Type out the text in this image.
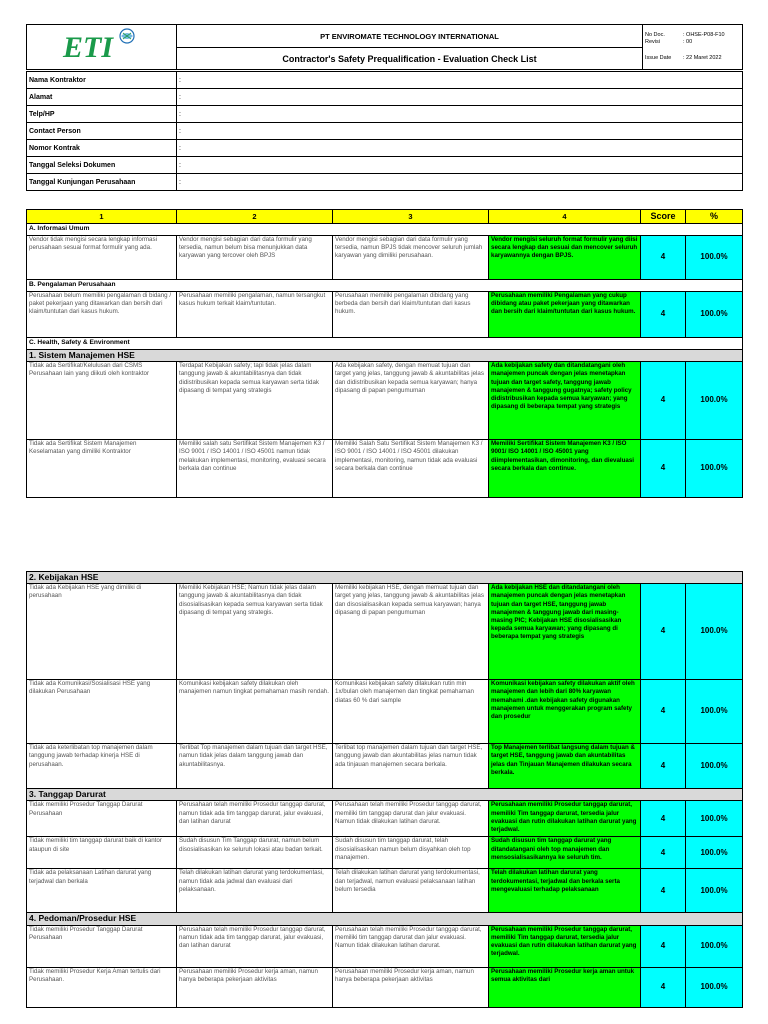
ETI	PT ENVIROMATE TECHNOLOGY INTERNATIONAL	No Doc.	: OHSE-P08-F10
Revisi	: 00
Issue Date : 22 Maret 2022

Contractor's Safety Prequalification - Evaluation Check List
Nama Kontraktor	:
Alamat	:
Telp/HP	:
Contact Person	:
Nomor Kontrak	:
Tanggal Seleksi Dokumen	:
Tanggal Kunjungan Perusahaan	:
1	2	3	4	Score	%
A. Informasi Umum					
Vendor tidak mengisi secara lengkap informasi perusahaan sesuai format formulir yang ada.	Vendor mengisi sebagian dari data formulir yang tersedia, namun belum bisa menunjukkan data karyawan yang tercover oleh BPJS	Vendor mengisi sebagian dari data formulir yang tersedia, namun BPJS tidak mencover seluruh jumlah karyawan yang dimiliki perusahaan.	Vendor mengisi seluruh format formulir yang diisi secara lengkap dan sesuai dan mencover seluruh karyawannya dengan BPJS.	4	100.0%
B. Pengalaman Perusahaan					
Perusahaan belum memiliki pengalaman di bidang / paket pekerjaan yang ditawarkan dan bersih dari klaim/tuntutan dari kasus hukum.	Perusahaan memiliki pengalaman, namun tersangkut kasus hukum terkait klaim/tuntutan.	Perusahaan memiliki pengalaman dibidang yang berbeda dan bersih dari klaim/tuntutan dari kasus hukum.	Perusahaan memiliki Pengalaman yang cukup dibidang atau paket pekerjaan yang ditawarkan dan bersih dari klaim/tuntutan dari kasus hukum.	4	100.0%
C. Health, Safety & Environment					
1. Sistem Manajemen HSE					
Tidak ada Sertifikat/Kelulusan dari CSMS Perusahaan lain yang diikuti oleh kontraktor	Terdapat Kebijakan safety; tapi tidak jelas dalam tanggung jawab & akuntabilitasnya dan tidak didistribusikan kepada semua karyawan serta tidak dipasang di tempat yang strategis	Ada kebijakan safety, dengan memuat tujuan dan target yang jelas, tanggung jawab & akuntabilitas jelas dan didistribusikan kepada semua karyawan; hanya dipasang di papan pengumuman	Ada kebijakan safety dan ditandatangani oleh manajemen puncak dengan jelas menetapkan tujuan dan target safety, tanggung jawab manajemen & tanggung gugatnya; safety policy didistribusikan kepada semua karyawan; yang dipasang di beberapa tempat yang strategis	4	100.0%
Tidak ada Sertifikat Sistem Manajemen Keselamatan yang dimiliki Kontraktor	Memiliki salah satu Sertifikat Sistem Manajemen K3 / ISO 9001 / ISO 14001 / ISO 45001 namun tidak melakukan implementasi, monitoring, evaluasi secara berkala dan continue	Memiliki Salah Satu Sertifikat Sistem Manajemen K3 / ISO 9001 / ISO 14001 / ISO 45001 dilakukan implementasi, monitoring, namun tidak ada evaluasi secara berkala dan continue	Memiliki Sertifikat Sistem Manajemen K3 / ISO 9001/ ISO 14001 / ISO 45001 yang diimplementasikan, dimonitoring, dan dievaluasi secara berkala dan continue.	4	100.0%
2. Kebijakan HSE					
Tidak ada Kebijakan HSE yang dimiliki di perusahaan	Memiliki Kebijakan HSE; Namun tidak jelas dalam tanggung jawab & akuntabilitasnya dan tidak disosialisasikan kepada semua karyawan serta tidak dipasang di tempat yang strategis.	Memiliki kebijakan HSE, dengan memuat tujuan dan target yang jelas, tanggung jawab & akuntabilitas jelas dan disosialisasikan kepada semua karyawan; hanya dipasang di papan pengumuman	Ada kebijakan HSE dan ditandatangani oleh manajemen puncak dengan jelas menetapkan tujuan dan target HSE, tanggung jawab manajemen & tanggung jawab dari masing-masing PIC; Kebijakan HSE disosialisasikan kepada semua karyawan; yang dipasang di beberapa tempat yang strategis	4	100.0%
Tidak ada Komunikasi/Sosialisasi HSE yang dilakukan Perusahaan	Komunikasi kebijakan safety dilakukan oleh manajemen namun tingkat pemahaman masih rendah.	Komunikasi kebijakan safety dilakukan rutin min 1x/bulan oleh manajemen dan tingkat pemahaman diatas 60 % dari sample	Komunikasi kebijakan safety dilakukan aktif oleh manajemen dan lebih dari 80% karyawan memahami .dan kebijakan safety digunakan manajemen untuk menggerakan program safety dan prosedur	4	100.0%
Tidak ada keterlibatan top manajemen dalam tanggung jawab terhadap kinerja HSE di perusahaan.	Terlibat Top manajemen dalam tujuan dan target HSE, namun tidak jelas dalam tanggung jawab dan akuntabilitasnya.	Terlibat top manajemen dalam tujuan dan target HSE, tanggung jawab dan akuntabilitas jelas namun tidak ada tinjauan manajemen secara berkala.	Top Manajemen terlibat langsung dalam tujuan & target HSE, tanggung jawab dan akuntabilitas jelas dan Tinjauan Manajemen dilakukan secara berkala.	4	100.0%
3. Tanggap Darurat					
Tidak memiliki Prosedur Tanggap Darurat Perusahaan	Perusahaan telah memiliki Prosedur tanggap darurat, namun tidak ada tim tanggap darurat, jalur evakuasi, dan latihan darurat	Perusahaan telah memiliki Prosedur tanggap darurat, memiliki tim tanggap darurat dan jalur evakuasi. Namun tidak dilakukan latihan darurat.	Perusahaan memiliki Prosedur tanggap darurat, memiliki Tim tanggap darurat, tersedia jalur evakuasi dan rutin dilakukan latihan darurat yang terjadwal.	4	100.0%
Tidak memiliki tim tanggap darurat baik di kantor ataupun di site	Sudah disusun Tim Tanggap darurat, namun belum disosialisasikan ke seluruh lokasi atau badan terkait.	Sudah disusun tim tanggap darurat, telah disosialisasikan namun belum disyahkan oleh top manajemen.	Sudah disusun tim tanggap darurat yang ditandatangani oleh top manajemen dan mensosialisasikannya ke seluruh tim.	4	100.0%
Tidak ada pelaksanaan Latihan darurat yang terjadwal dan berkala	Telah dilakukan latihan darurat yang terdokumentasi, namun tidak ada jadwal dan evaluasi dari pelaksanaan.	Telah dilakukan latihan darurat yang terdokumentasi, dan terjadwal, namun evaluasi pelaksanaan latihan belum tersedia	Telah dilakukan latihan darurat yang terdokumentasi, terjadwal dan berkala serta mengevaluasi terhadap pelaksanaan	4	100.0%
4. Pedoman/Prosedur HSE					
Tidak memiliki Prosedur Tanggap Darurat Perusahaan	Perusahaan telah memiliki Prosedur tanggap darurat, namun tidak ada tim tanggap darurat, jalur evakuasi, dan latihan darurat	Perusahaan telah memiliki Prosedur tanggap darurat, memiliki tim tanggap darurat dan jalur evakuasi. Namun tidak dilakukan latihan darurat.	Perusahaan memiliki Prosedur tanggap darurat, memiliki Tim tanggap darurat, tersedia jalur evakuasi dan rutin dilakukan latihan darurat yang terjadwal.	4	100.0%
Tidak memiliki Prosedur Kerja Aman tertulis dari Perusahaan.	Perusahaan memiliki Prosedur kerja aman, namun hanya beberapa pekerjaan aktivitas	Perusahaan memiliki Prosedur kerja aman, namun hanya beberapa pekerjaan aktivitas	Perusahaan memiliki Prosedur kerja aman untuk semua aktivitas dari	4	100.0%
